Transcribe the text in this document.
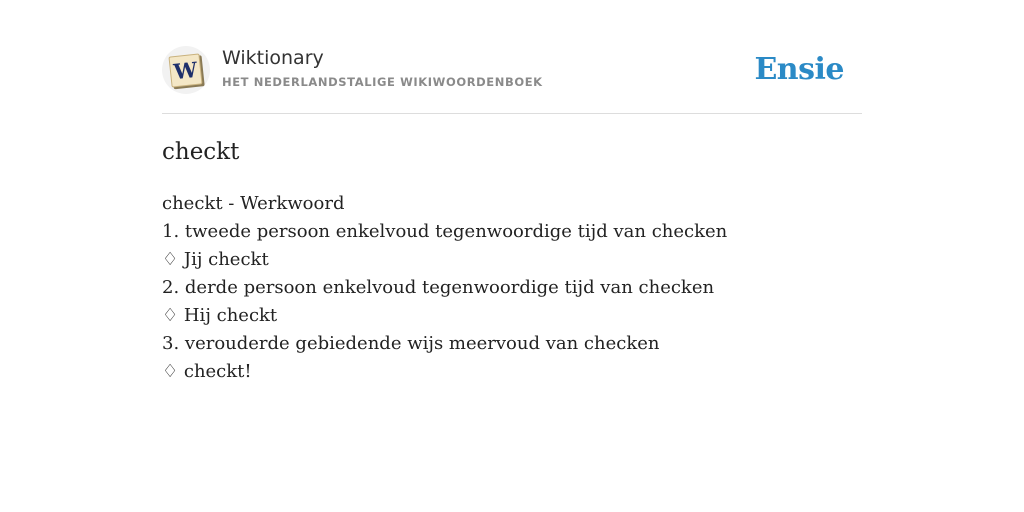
W Wiktionary
HET NEDERLANDSTALIGE WIKIWOORDENBOEK	Ensie
checkt
checkt - Werkwoord
1. tweede persoon enkelvoud tegenwoordige tijd van checken
♢ Jij checkt
2. derde persoon enkelvoud tegenwoordige tijd van checken
♢ Hij checkt
3. verouderde gebiedende wijs meervoud van checken
♢ checkt!
